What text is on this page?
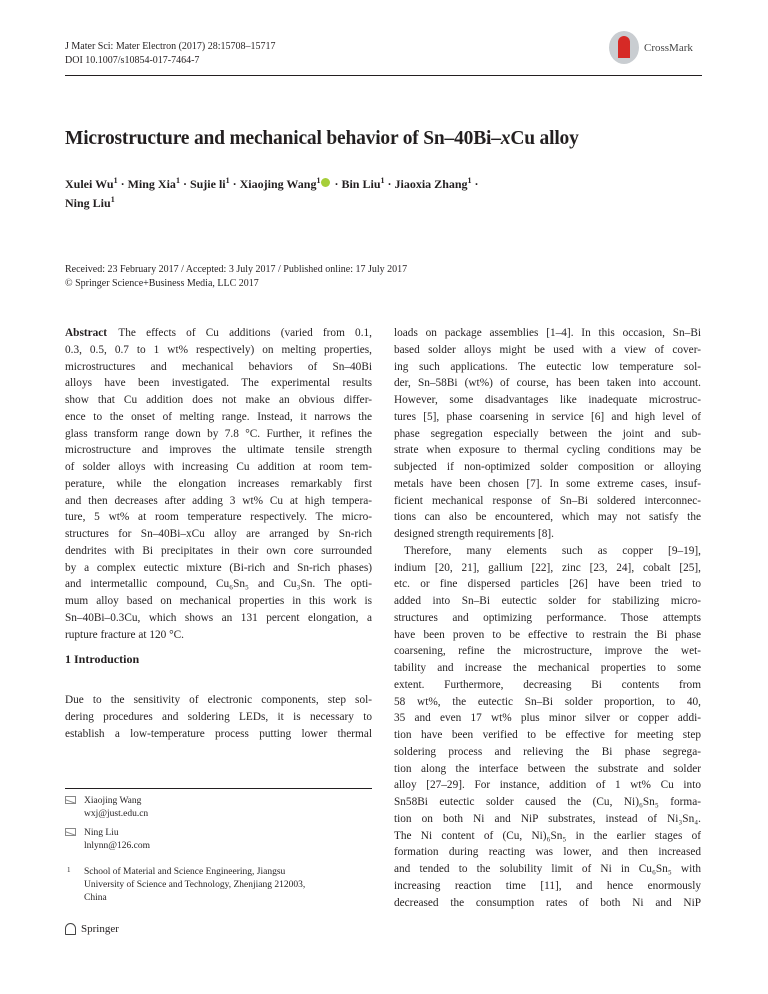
J Mater Sci: Mater Electron (2017) 28:15708–15717
DOI 10.1007/s10854-017-7464-7
CrossMark
Microstructure and mechanical behavior of Sn–40Bi–xCu alloy
Xulei $Wu^1$ · Ming Xia$^1$ · Sujie $li^1$ · Xiaojing Wang$^1$ · Bin Liu$^1$ · Jiaoxia Zhang$^1$ ·
Ning Liu$^1$
Received: 23 February 2017 / Accepted: 3 July 2017 / Published online: 17 July 2017
© Springer Science+Business Media, LLC 2017
Abstract  The effects of Cu additions (varied from 0.1,
0.3, 0.5, 0.7 to 1 wt% respectively) on melting properties,
microstructures and mechanical behaviors of Sn–40Bi
alloys have been investigated. The experimental results
show that Cu addition does not make an obvious differ-
ence to the onset of melting range. Instead, it narrows the
glass transform range down by 7.8 °C. Further, it refines the
microstructure and improves the ultimate tensile strength
of solder alloys with increasing Cu addition at room tem-
perature, while the elongation increases remarkably first
and then decreases after adding 3 wt% Cu at high tempera-
ture, 5 wt% at room temperature respectively. The micro-
structures for Sn–40Bi–xCu alloy are arranged by Sn-rich
dendrites with Bi precipitates in their own core surrounded
by a complex eutectic mixture (Bi-rich and Sn-rich phases)
and intermetallic compound, Cu₆Sn₅ and Cu₃Sn. The opti-
mum alloy based on mechanical properties in this work is
Sn–40Bi–0.3Cu, which shows an 131 percent elongation, a
rupture fracture at 120 °C.
1 Introduction
Due to the sensitivity of electronic components, step sol-
dering procedures and soldering LEDs, it is necessary to
establish a low-temperature process putting lower thermal
Xiaojing Wang
wxj@just.edu.cn
Ning Liu
lnlynn@126.com
1 School of Material and Science Engineering, Jiangsu
University of Science and Technology, Zhenjiang 212003,
China
Springer
loads on package assemblies [1–4]. In this occasion, Sn–Bi
based solder alloys might be used with a view of cover-
ing such applications. The eutectic low temperature sol-
der, Sn–58Bi (wt%) of course, has been taken into account.
However, some disadvantages like inadequate microstruc-
tures [5], phase coarsening in service [6] and high level of
phase segregation especially between the joint and sub-
strate when exposure to thermal cycling conditions may be
subjected if non-optimized solder composition or alloying
metals have been chosen [7]. In some extreme cases, insuf-
ficient mechanical response of Sn–Bi soldered interconnec-
tions can also be encountered, which may not satisfy the
designed strength requirements [8].
Therefore, many elements such as copper [9–19],
indium [20, 21], gallium [22], zinc [23, 24], cobalt [25],
etc. or fine dispersed particles [26] have been tried to
added into Sn–Bi eutectic solder for stabilizing micro-
structures and optimizing performance. Those attempts
have been proven to be effective to restrain the Bi phase
coarsening, refine the microstructure, improve the wet-
tability and increase the mechanical properties to some
extent. Furthermore, decreasing Bi contents from
58 wt%, the eutectic Sn–Bi solder proportion, to 40,
35 and even 17 wt% plus minor silver or copper addi-
tion have been verified to be effective for meeting step
soldering process and relieving the Bi phase segrega-
tion along the interface between the substrate and solder
alloy [27–29]. For instance, addition of 1 wt% Cu into
Sn58Bi eutectic solder caused the (Cu, Ni)₆Sn₅ forma-
tion on both Ni and NiP substrates, instead of Ni₃Sn₄.
The Ni content of (Cu, Ni)₆Sn₅ in the earlier stages of
formation during reacting was lower, and then increased
and tended to the solubility limit of Ni in Cu₆Sn₅ with
increasing reaction time [11], and hence enormously
decreased the consumption rates of both Ni and NiP
